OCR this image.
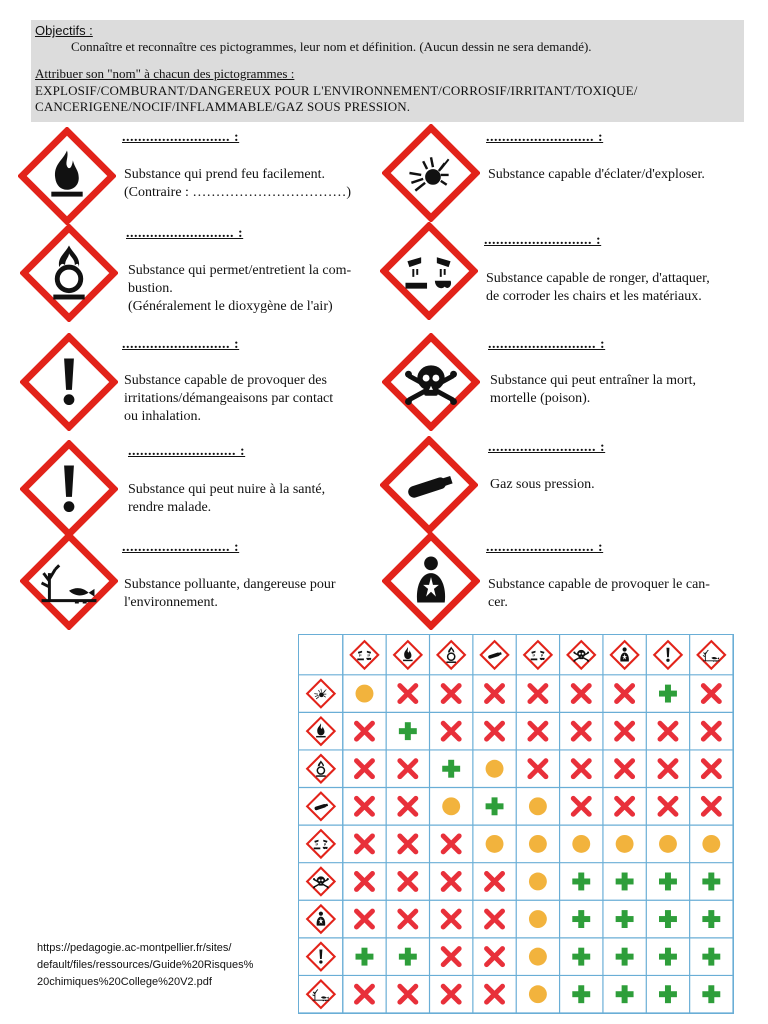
Objectifs :
Connaître et reconnaître ces pictogrammes, leur nom et définition. (Aucun dessin ne sera demandé).
Attribuer son "nom" à chacun des pictogrammes :
EXPLOSIF/COMBURANT/DANGEREUX POUR L'ENVIRONNEMENT/CORROSIF/IRRITANT/TOXIQUE/ CANCERIGENE/NOCIF/INFLAMMABLE/GAZ SOUS PRESSION.
........................... :
Substance qui prend feu facilement.
(Contraire : ……………………………)
........................... :
Substance capable d'éclater/d'exploser.
........................... :
Substance qui permet/entretient la com-
bustion.
(Généralement le dioxygène de l'air)
........................... :
Substance capable de ronger, d'attaquer,
de corroder les chairs et les matériaux.
........................... :
Substance capable de provoquer des
irritations/démangeaisons par contact
ou inhalation.
........................... :
Substance qui peut entraîner la mort,
mortelle (poison).
........................... :
Substance qui peut nuire à la santé,
rendre malade.
........................... :
Gaz sous pression.
........................... :
Substance polluante, dangereuse pour
l'environnement.
........................... :
Substance capable de provoquer le can-
cer.
https://pedagogie.ac-montpellier.fr/sites/ default/files/ressources/Guide%20Risques% 20chimiques%20College%20V2.pdf
